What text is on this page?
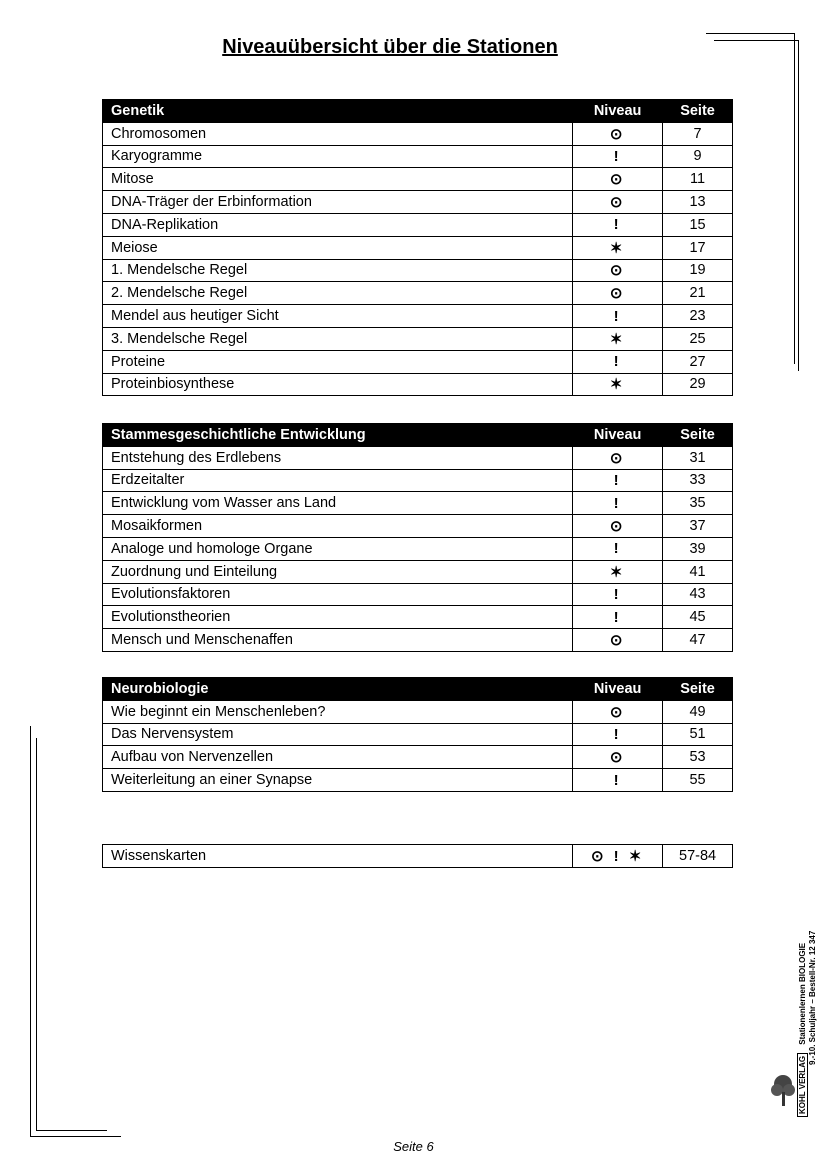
Niveauübersicht über die Stationen
Genetik	Niveau	Seite
Chromosomen	⊙	7
Karyogramme	!	9
Mitose	⊙	11
DNA-Träger der Erbinformation	⊙	13
DNA-Replikation	!	15
Meiose	✶	17
1. Mendelsche Regel	⊙	19
2. Mendelsche Regel	⊙	21
Mendel aus heutiger Sicht	!	23
3. Mendelsche Regel	✶	25
Proteine	!	27
Proteinbiosynthese	✶	29
Stammesgeschichtliche Entwicklung	Niveau	Seite
Entstehung des Erdlebens	⊙	31
Erdzeitalter	!	33
Entwicklung vom Wasser ans Land	!	35
Mosaikformen	⊙	37
Analoge und homologe Organe	!	39
Zuordnung und Einteilung	✶	41
Evolutionsfaktoren	!	43
Evolutionstheorien	!	45
Mensch und Menschenaffen	⊙	47
Neurobiologie	Niveau	Seite
Wie beginnt ein Menschenleben?	⊙	49
Das Nervensystem	!	51
Aufbau von Nervenzellen	⊙	53
Weiterleitung an einer Synapse	!	55
Wissenskarten	⊙ ! ✶	57-84
KOHL VERLAG Stationenlernen BIOLOGIE
9.-10. Schuljahr – Bestell-Nr. 12 347
Seite 6
